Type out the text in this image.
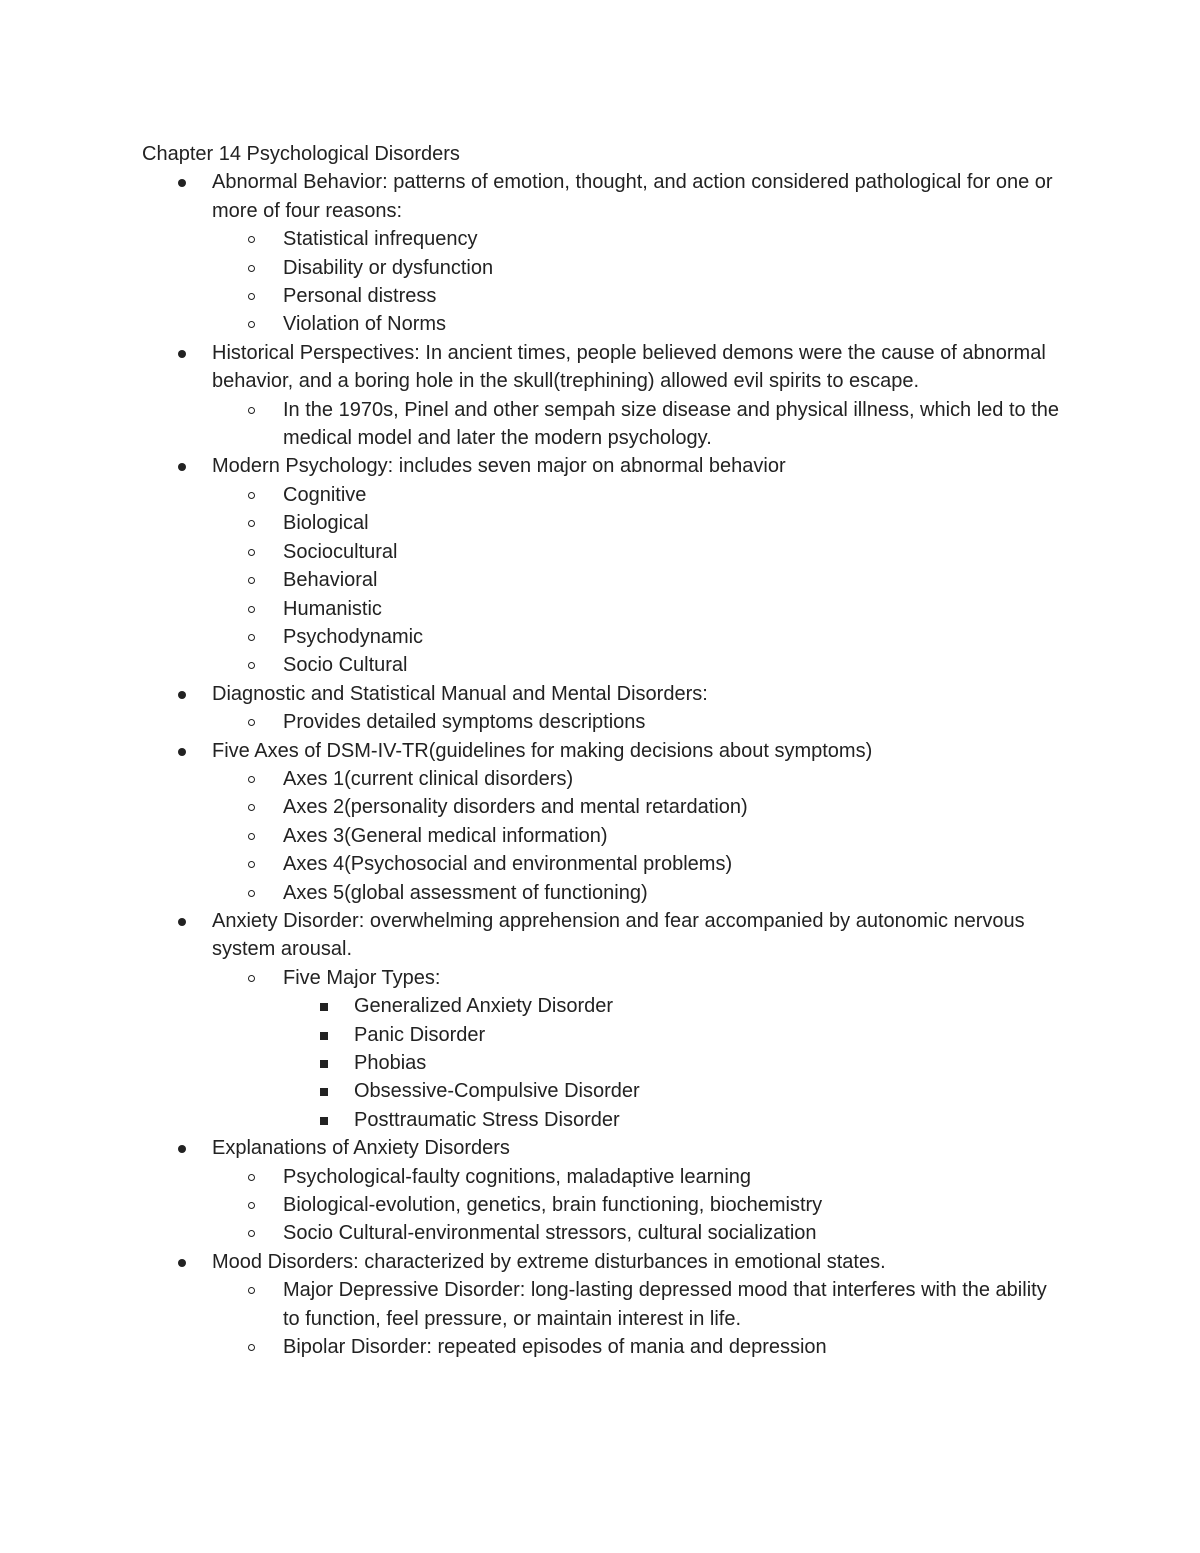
Chapter 14 Psychological Disorders
Abnormal Behavior: patterns of emotion, thought, and action considered pathological for one or more of four reasons:
Statistical infrequency
Disability or dysfunction
Personal distress
Violation of Norms
Historical Perspectives: In ancient times, people believed demons were the cause of abnormal behavior, and a boring hole in the skull(trephining) allowed evil spirits to escape.
In the 1970s, Pinel and other sempah size disease and physical illness, which led to the medical model and later the modern psychology.
Modern Psychology: includes seven major on abnormal behavior
Cognitive
Biological
Sociocultural
Behavioral
Humanistic
Psychodynamic
Socio Cultural
Diagnostic and Statistical Manual and Mental Disorders:
Provides detailed symptoms descriptions
Five Axes of DSM-IV-TR(guidelines for making decisions about symptoms)
Axes 1(current clinical disorders)
Axes 2(personality disorders and mental retardation)
Axes 3(General medical information)
Axes 4(Psychosocial and environmental problems)
Axes 5(global assessment of functioning)
Anxiety Disorder: overwhelming apprehension and fear accompanied by autonomic nervous system arousal.
Five Major Types:
Generalized Anxiety Disorder
Panic Disorder
Phobias
Obsessive-Compulsive Disorder
Posttraumatic Stress Disorder
Explanations of Anxiety Disorders
Psychological-faulty cognitions, maladaptive learning
Biological-evolution, genetics, brain functioning, biochemistry
Socio Cultural-environmental stressors, cultural socialization
Mood Disorders: characterized by extreme disturbances in emotional states.
Major Depressive Disorder: long-lasting depressed mood that interferes with the ability to function, feel pressure, or maintain interest in life.
Bipolar Disorder: repeated episodes of mania and depression
